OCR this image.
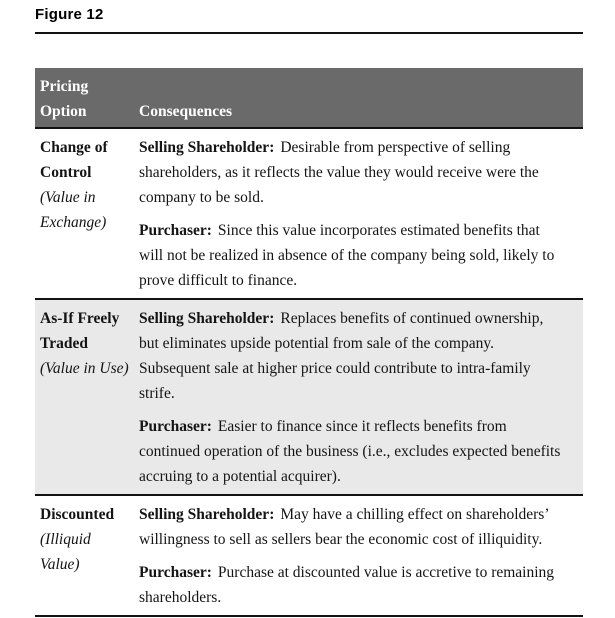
Figure 12
Pricing Option	Consequences
Change of Control
(Value in Exchange)

Selling Shareholder: Desirable from perspective of selling shareholders, as it reflects the value they would receive were the company to be sold.

Purchaser: Since this value incorporates estimated benefits that will not be realized in absence of the company being sold, likely to prove difficult to finance.

As-If Freely Traded
(Value in Use)

Selling Shareholder: Replaces benefits of continued ownership, but eliminates upside potential from sale of the company. Subsequent sale at higher price could contribute to intra-family strife.

Purchaser: Easier to finance since it reflects benefits from continued operation of the business (i.e., excludes expected benefits accruing to a potential acquirer).

Discounted
(Illiquid Value)

Selling Shareholder: May have a chilling effect on shareholders’ willingness to sell as sellers bear the economic cost of illiquidity.

Purchaser: Purchase at discounted value is accretive to remaining shareholders.
